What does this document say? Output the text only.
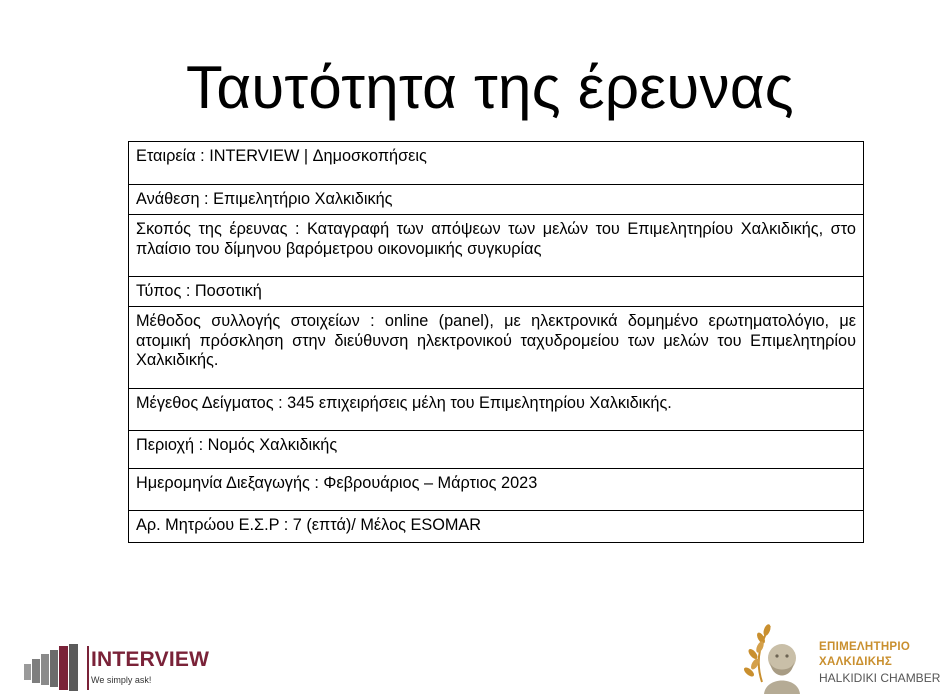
Ταυτότητα της έρευνας
Εταιρεία : INTERVIEW | Δημοσκοπήσεις
Ανάθεση : Επιμελητήριο Χαλκιδικής
Σκοπός της έρευνας : Καταγραφή των απόψεων των μελών του Επιμελητηρίου Χαλκιδικής, στο πλαίσιο του δίμηνου βαρόμετρου οικονομικής συγκυρίας
Τύπος : Ποσοτική
Μέθοδος συλλογής στοιχείων : online (panel), με ηλεκτρονικά δομημένο ερωτηματολόγιο, με ατομική πρόσκληση στην διεύθυνση ηλεκτρονικού ταχυδρομείου των μελών του Επιμελητηρίου Χαλκιδικής.
Μέγεθος Δείγματος : 345 επιχειρήσεις μέλη του Επιμελητηρίου Χαλκιδικής.
Περιοχή : Νομός Χαλκιδικής
Ημερομηνία Διεξαγωγής : Φεβρουάριος – Μάρτιος 2023
Αρ. Μητρώου Ε.Σ.Ρ : 7 (επτά)/ Μέλος ESOMAR
INTERVIEW
We simply ask!
ΕΠΙΜΕΛΗΤΗΡΙΟ
ΧΑΛΚΙΔΙΚΗΣ
HALKIDIKI CHAMBER
